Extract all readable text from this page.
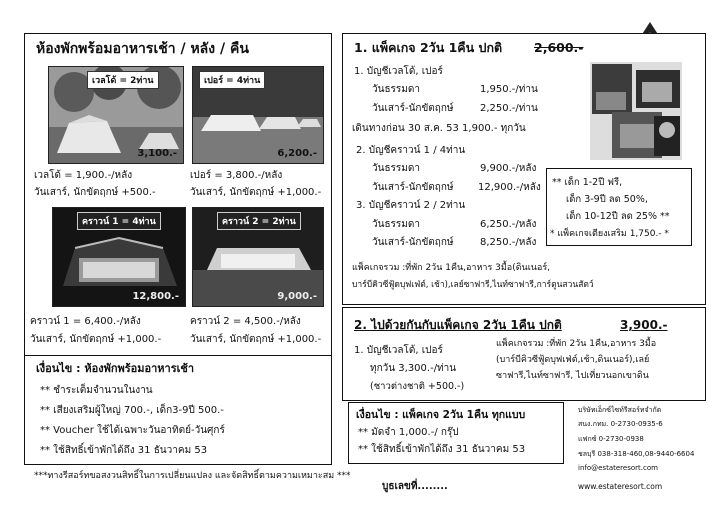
ห้องพักพร้อมอาหารเช้า / หลัง / คืน
เวลโด้ = 2ท่าน
3,100.-
เปอร์ = 4ท่าน
6,200.-
เวลโด้ = 1,900.-/หลัง
วันเสาร์, นักขัตฤกษ์ +500.-
เปอร์ = 3,800.-/หลัง
วันเสาร์, นักขัตฤกษ์ +1,000.-
คราวน์ 1 = 4ท่าน
12,800.-
คราวน์ 2 = 2ท่าน
9,000.-
คราวน์ 1 = 6,400.-/หลัง
วันเสาร์, นักขัตฤกษ์ +1,000.-
คราวน์ 2 = 4,500.-/หลัง
วันเสาร์, นักขัตฤกษ์ +1,000.-
เงื่อนไข : ห้องพักพร้อมอาหารเช้า
** ชำระเต็มจำนวนในงาน
** เสียงเสริมผู้ใหญ่ 700.-, เด็ก3-9ปี 500.-
** Voucher ใช้ได้เฉพาะวันอาทิตย์-วันศุกร์
** ใช้สิทธิ์เข้าพักได้ถึง 31 ธันวาคม 53
***ทางรีสอร์ทขอสงวนสิทธิ์ในการเปลี่ยนแปลง และจัดสิทธิ์ตามความเหมาะสม ***
1. แพ็คเกจ 2วัน 1คืน ปกติ	2,600.-
1. บัญชีเวลโด้, เปอร์
วันธรรมดา	1,950.-/ท่าน
วันเสาร์-นักขัตฤกษ์	2,250.-/ท่าน
เดินทางก่อน 30 ส.ค. 53 1,900.- ทุกวัน
2. บัญชีคราวน์ 1 / 4ท่าน
วันธรรมดา	9,900.-/หลัง
วันเสาร์-นักขัตฤกษ์ 12,900.-/หลัง
3. บัญชีคราวน์ 2 / 2ท่าน
วันธรรมดา	6,250.-/หลัง
วันเสาร์-นักขัตฤกษ์	8,250.-/หลัง
แพ็คเกจรวม :ที่พัก 2วัน 1คืน,อาหาร 3มื้อ(ดินเนอร์,
บาร์บีคิวซีฟู้ดบุฟเฟ่ต์, เช้า),เลย์ซาฟารี,ไนท์ซาฟารี,การ์ตูนสวนสัตว์
** เด็ก 1-2ปี ฟรี,
เด็ก 3-9ปี ลด 50%,
เด็ก 10-12ปี ลด 25% **
* แพ็คเกจเตียงเสริม 1,750.- *
2. ไปด้วยกันกับแพ็คเกจ 2วัน 1คืน ปกติ	3,900.-
1. บัญชีเวลโด้, เปอร์
ทุกวัน 3,300.-/ท่าน
(ชาวต่างชาติ +500.-)
แพ็คเกจรวม :ที่พัก 2วัน 1คืน,อาหาร 3มื้อ
(บาร์บีคิวซีฟู้ดบุฟเฟ่ต์,เช้า,ดินเนอร์),เลย์
ซาฟารี,ไนท์ซาฟารี, ไปเที่ยวนอกเขาดิน
เงื่อนไข : แพ็คเกจ 2วัน 1คืน ทุกแบบ
** มัดจำ 1,000.-/ กรุ๊ป
** ใช้สิทธิ์เข้าพักได้ถึง 31 ธันวาคม 53
บริษัทเอ็กซ์ไซท์รีสอร์ทจำกัด
สนง.กทม. 0-2730-0935-6
แฟกซ์ 0-2730-0938
ชลบุรี 038-318-460,08-9440-6604
info@estateresort.com
www.estateresort.com
บูธเลขที่........
